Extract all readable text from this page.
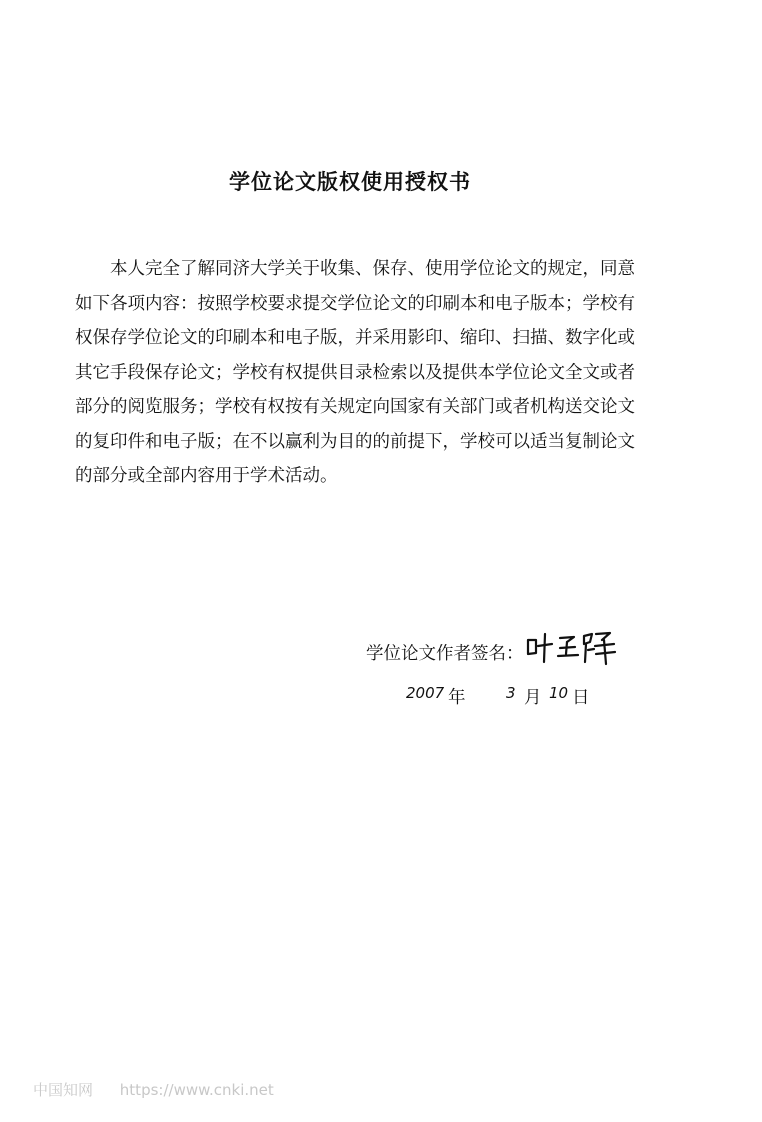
学位论文版权使用授权书

本人完全了解同济大学关于收集、保存、使用学位论文的规定，同意如下各项内容：按照学校要求提交学位论文的印刷本和电子版本；学校有权保存学位论文的印刷本和电子版，并采用影印、缩印、扫描、数字化或其它手段保存论文；学校有权提供目录检索以及提供本学位论文全文或者部分的阅览服务；学校有权按有关规定向国家有关部门或者机构送交论文的复印件和电子版；在不以赢利为目的的前提下，学校可以适当复制论文的部分或全部内容用于学术活动。

学位论文作者签名：
2007 年	3 月 10 日
中国知网 https://www.cnki.net
